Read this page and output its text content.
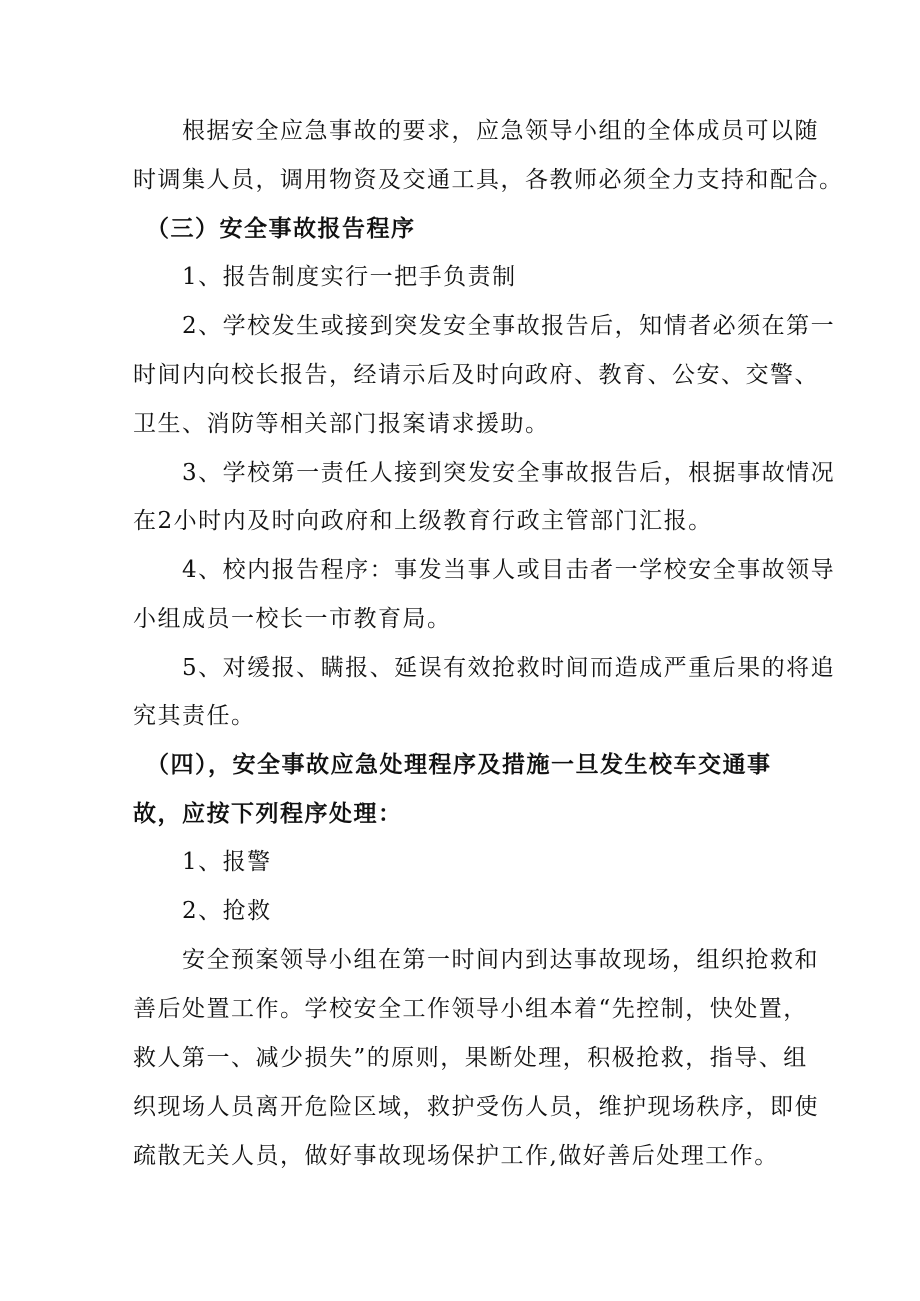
　　根据安全应急事故的要求，应急领导小组的全体成员可以随
时调集人员，调用物资及交通工具，各教师必须全力支持和配合。
　（三）安全事故报告程序
　　1、报告制度实行一把手负责制
　　2、学校发生或接到突发安全事故报告后，知情者必须在第一
时间内向校长报告，经请示后及时向政府、教育、公安、交警、
卫生、消防等相关部门报案请求援助。
　　3、学校第一责任人接到突发安全事故报告后，根据事故情况
在2小时内及时向政府和上级教育行政主管部门汇报。
　　4、校内报告程序：事发当事人或目击者一学校安全事故领导
小组成员一校长一市教育局。
　　5、对缓报、瞒报、延误有效抢救时间而造成严重后果的将追
究其责任。
　（四），安全事故应急处理程序及措施一旦发生校车交通事
故，应按下列程序处理：
　　1、报警
　　2、抢救
　　安全预案领导小组在第一时间内到达事故现场，组织抢救和
善后处置工作。学校安全工作领导小组本着“先控制，快处置，
救人第一、减少损失”的原则，果断处理，积极抢救，指导、组
织现场人员离开危险区域，救护受伤人员，维护现场秩序，即使
疏散无关人员，做好事故现场保护工作,做好善后处理工作。
